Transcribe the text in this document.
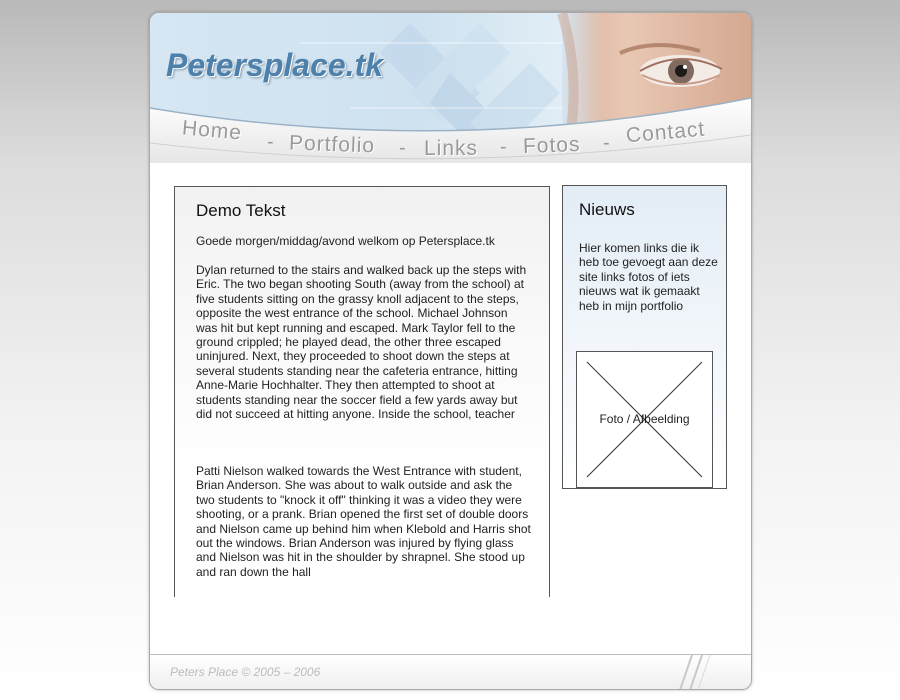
Petersplace.tk
Home - Portfolio - Links - Fotos - Contact
Demo Tekst
Goede morgen/middag/avond welkom op Petersplace.tk
Dylan returned to the stairs and walked back up the steps with Eric. The two began shooting South (away from the school) at five students sitting on the grassy knoll adjacent to the steps, opposite the west entrance of the school. Michael Johnson was hit but kept running and escaped. Mark Taylor fell to the ground crippled; he played dead, the other three escaped uninjured. Next, they proceeded to shoot down the steps at several students standing near the cafeteria entrance, hitting Anne-Marie Hochhalter. They then attempted to shoot at students standing near the soccer field a few yards away but did not succeed at hitting anyone. Inside the school, teacher
Patti Nielson walked towards the West Entrance with student, Brian Anderson. She was about to walk outside and ask the two students to "knock it off" thinking it was a video they were shooting, or a prank. Brian opened the first set of double doors and Nielson came up behind him when Klebold and Harris shot out the windows. Brian Anderson was injured by flying glass and Nielson was hit in the shoulder by shrapnel. She stood up and ran down the hall
Nieuws
Hier komen links die ik heb toe gevoegt aan deze site links fotos of iets nieuws wat ik gemaakt heb in mijn portfolio
Foto / Afbeelding
Peters Place © 2005 – 2006
